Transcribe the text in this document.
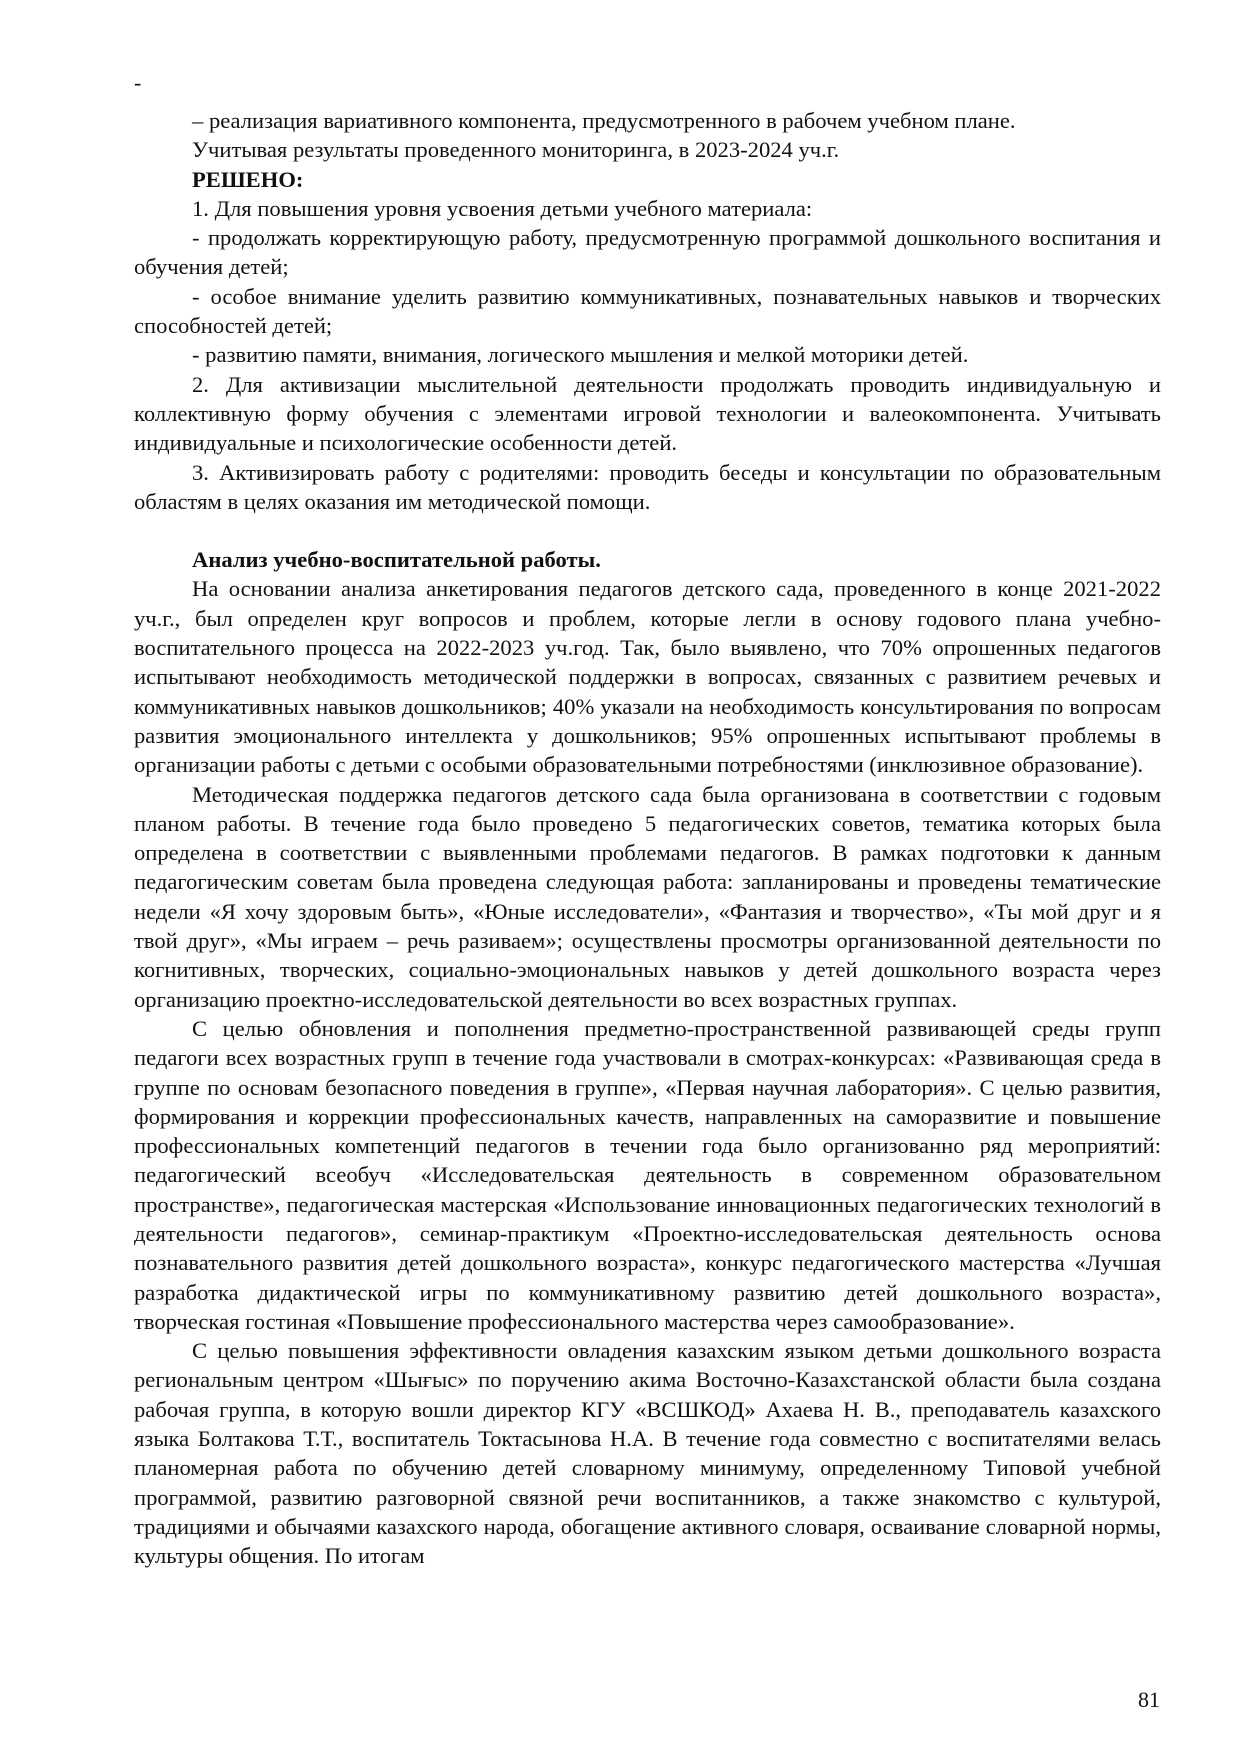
-

– реализация вариативного компонента, предусмотренного в рабочем учебном плане.

Учитывая результаты проведенного мониторинга, в 2023-2024 уч.г.

РЕШЕНО:

1. Для повышения уровня усвоения детьми учебного материала:

- продолжать корректирующую работу, предусмотренную программой дошкольного воспитания и обучения детей;

- особое внимание уделить развитию коммуникативных, познавательных навыков и творческих способностей детей;

- развитию памяти, внимания, логического мышления и мелкой моторики детей.

2. Для активизации мыслительной деятельности продолжать проводить индивидуальную и коллективную форму обучения с элементами игровой технологии и валеокомпонента. Учитывать индивидуальные и психологические особенности детей.

3. Активизировать работу с родителями: проводить беседы и консультации по образовательным областям в целях оказания им методической помощи.

Анализ учебно-воспитательной работы.

На основании анализа анкетирования педагогов детского сада, проведенного в конце 2021-2022 уч.г., был определен круг вопросов и проблем, которые легли в основу годового плана учебно-воспитательного процесса на 2022-2023 уч.год. Так, было выявлено, что 70% опрошенных педагогов испытывают необходимость методической поддержки в вопросах, связанных с развитием речевых и коммуникативных навыков дошкольников; 40% указали на необходимость консультирования по вопросам развития эмоционального интеллекта у дошкольников; 95% опрошенных испытывают проблемы в организации работы с детьми с особыми образовательными потребностями (инклюзивное образование).

Методическая поддержка педагогов детского сада была организована в соответствии с годовым планом работы. В течение года было проведено 5 педагогических советов, тематика которых была определена в соответствии с выявленными проблемами педагогов. В рамках подготовки к данным педагогическим советам была проведена следующая работа: запланированы и проведены тематические недели «Я хочу здоровым быть», «Юные исследователи», «Фантазия и творчество», «Ты мой друг и я твой друг», «Мы играем – речь разиваем»; осуществлены просмотры организованной деятельности по когнитивных, творческих, социально-эмоциональных навыков у детей дошкольного возраста через организацию проектно-исследовательской деятельности во всех возрастных группах.

С целью обновления и пополнения предметно-пространственной развивающей среды групп педагоги всех возрастных групп в течение года участвовали в смотрах-конкурсах: «Развивающая среда в группе по основам безопасного поведения в группе», «Первая научная лаборатория». С целью развития, формирования и коррекции профессиональных качеств, направленных на саморазвитие и повышение профессиональных компетенций педагогов в течении года было организованно ряд мероприятий: педагогический всеобуч «Исследовательская деятельность в современном образовательном пространстве», педагогическая мастерская «Использование инновационных педагогических технологий в деятельности педагогов», семинар-практикум «Проектно-исследовательская деятельность основа познавательного развития детей дошкольного возраста», конкурс педагогического мастерства «Лучшая разработка дидактической игры по коммуникативному развитию детей дошкольного возраста», творческая гостиная «Повышение профессионального мастерства через самообразование».

С целью повышения эффективности овладения казахским языком детьми дошкольного возраста региональным центром «Шығыс» по поручению акима Восточно-Казахстанской области была создана рабочая группа, в которую вошли директор КГУ «ВСШКОД» Ахаева Н. В., преподаватель казахского языка Болтакова Т.Т., воспитатель Токтасынова Н.А. В течение года совместно с воспитателями велась планомерная работа по обучению детей словарному минимуму, определенному Типовой учебной программой, развитию разговорной связной речи воспитанников, а также знакомство с культурой, традициями и обычаями казахского народа, обогащение активного словаря, осваивание словарной нормы, культуры общения. По итогам

81
